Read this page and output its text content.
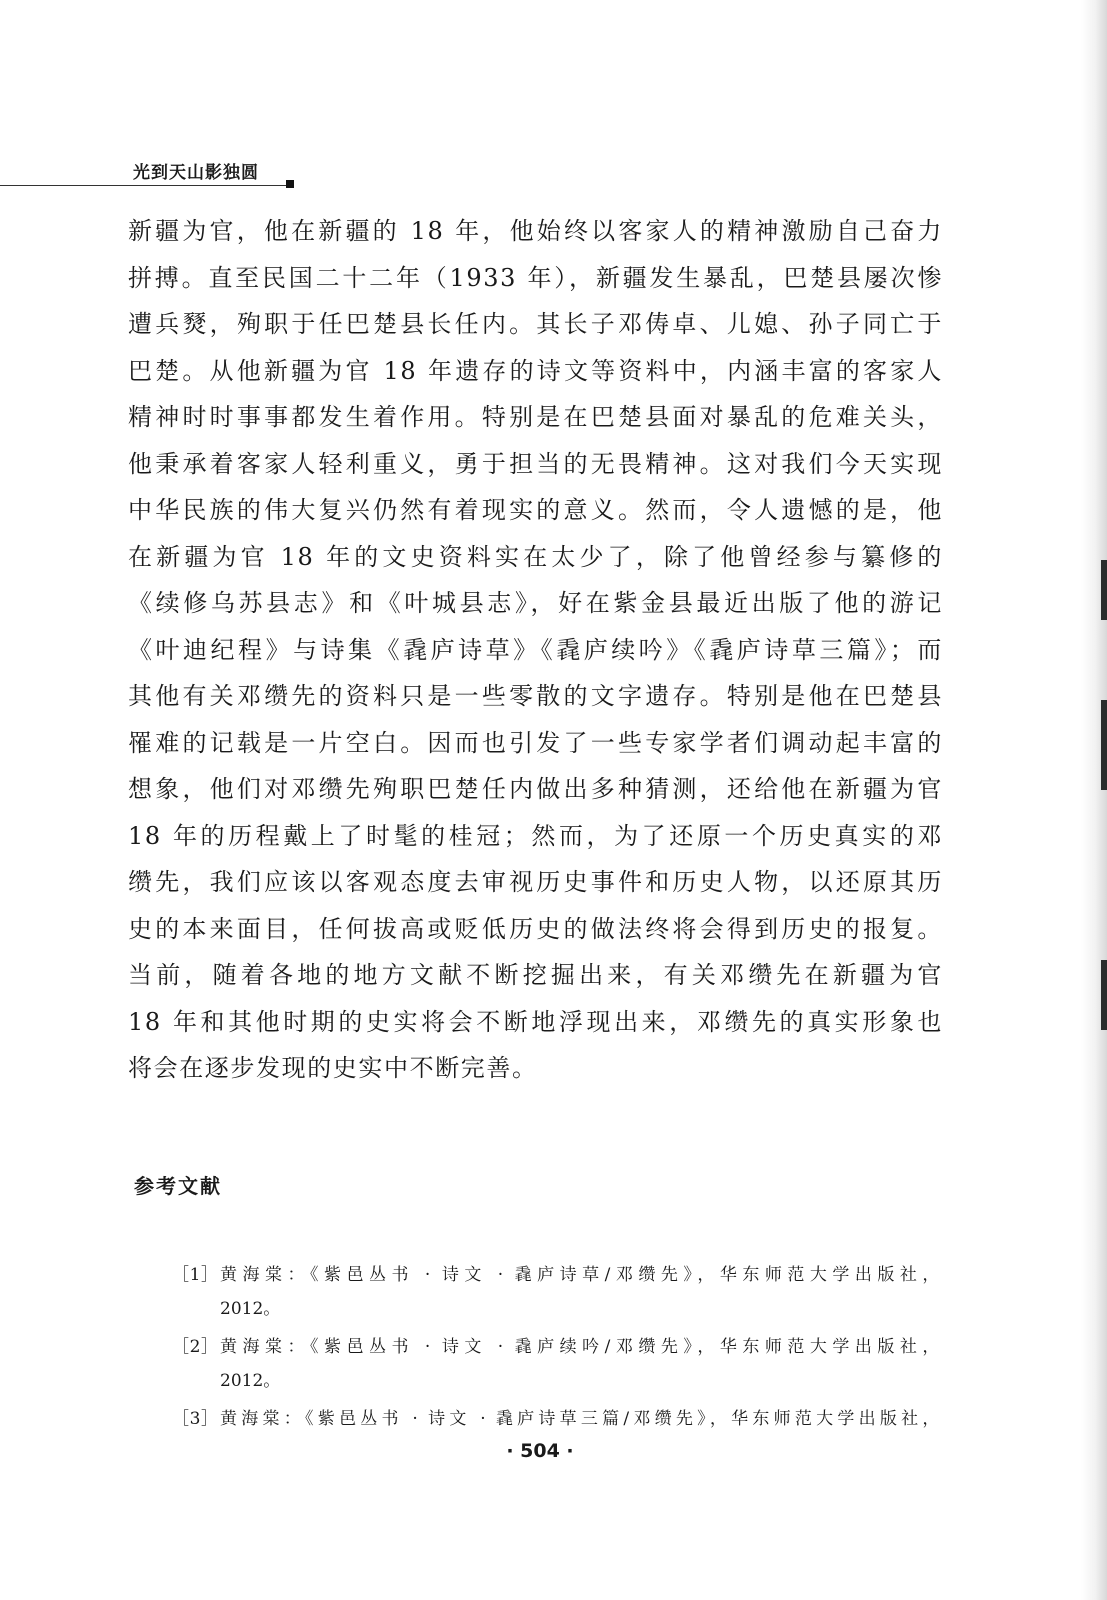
光到天山影独圆
新疆为官，他在新疆的 18 年，他始终以客家人的精神激励自己奋力
拼搏。直至民国二十二年（1933 年），新疆发生暴乱，巴楚县屡次惨
遭兵燹，殉职于任巴楚县长任内。其长子邓俦卓、儿媳、孙子同亡于
巴楚。从他新疆为官 18 年遗存的诗文等资料中，内涵丰富的客家人
精神时时事事都发生着作用。特别是在巴楚县面对暴乱的危难关头，
他秉承着客家人轻利重义，勇于担当的无畏精神。这对我们今天实现
中华民族的伟大复兴仍然有着现实的意义。然而，令人遗憾的是，他
在新疆为官 18 年的文史资料实在太少了，除了他曾经参与纂修的
《续修乌苏县志》和《叶城县志》，好在紫金县最近出版了他的游记
《叶迪纪程》与诗集《毳庐诗草》《毳庐续吟》《毳庐诗草三篇》；而
其他有关邓缵先的资料只是一些零散的文字遗存。特别是他在巴楚县
罹难的记载是一片空白。因而也引发了一些专家学者们调动起丰富的
想象，他们对邓缵先殉职巴楚任内做出多种猜测，还给他在新疆为官
18 年的历程戴上了时髦的桂冠；然而，为了还原一个历史真实的邓
缵先，我们应该以客观态度去审视历史事件和历史人物，以还原其历
史的本来面目，任何拔高或贬低历史的做法终将会得到历史的报复。
当前，随着各地的地方文献不断挖掘出来，有关邓缵先在新疆为官
18 年和其他时期的史实将会不断地浮现出来，邓缵先的真实形象也
将会在逐步发现的史实中不断完善。
参考文献
［1］黄海棠：《紫邑丛书 · 诗文 · 毳庐诗草/邓缵先》，华东师范大学出版社，
2012。
［2］黄海棠：《紫邑丛书 · 诗文 · 毳庐续吟/邓缵先》，华东师范大学出版社，
2012。
［3］黄海棠：《紫邑丛书 · 诗文 · 毳庐诗草三篇/邓缵先》，华东师范大学出版社，
· 504 ·
